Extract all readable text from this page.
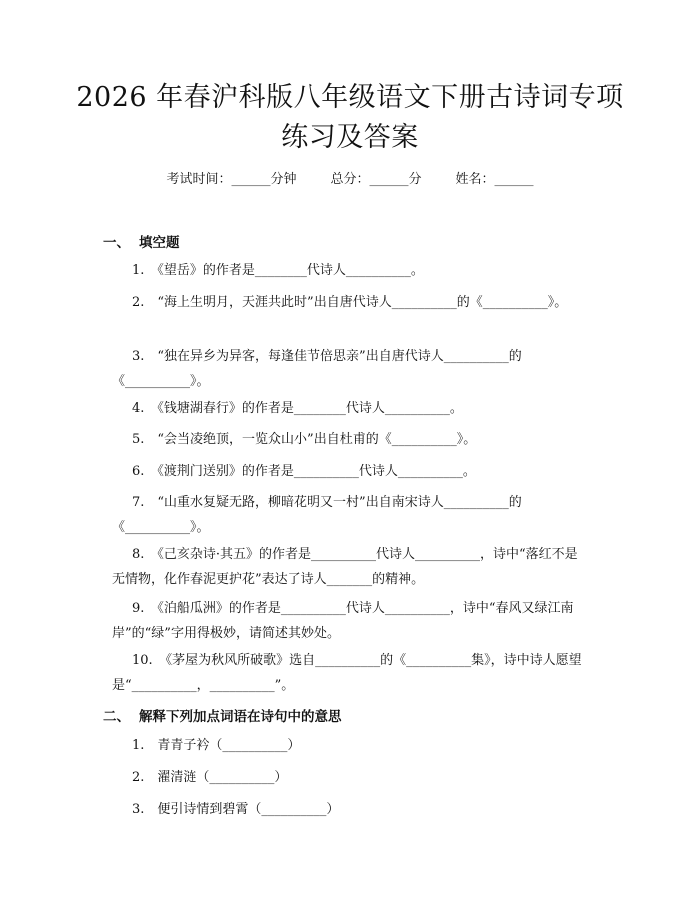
2026 年春沪科版八年级语文下册古诗词专项
练习及答案
考试时间：______分钟	总分：______分	姓名：______
一、 填空题
1.　《望岳》的作者是________代诗人__________。
2.　“海上生明月，天涯共此时”出自唐代诗人__________的《__________》。
3.　“独在异乡为异客，每逢佳节倍思亲”出自唐代诗人__________的《__________》。
4.　《钱塘湖春行》的作者是________代诗人__________。
5.　“会当凌绝顶，一览众山小”出自杜甫的《__________》。
6.　《渡荆门送别》的作者是__________代诗人__________。
7.　“山重水复疑无路，柳暗花明又一村”出自南宋诗人__________的《__________》。
8.　《己亥杂诗·其五》的作者是__________代诗人__________，诗中“落红不是无情物，化作春泥更护花”表达了诗人_______的精神。
9.　《泊船瓜洲》的作者是__________代诗人__________，诗中“春风又绿江南岸”的“绿”字用得极妙，请简述其妙处。
10.　《茅屋为秋风所破歌》选自__________的《__________集》，诗中诗人愿望是“__________，__________”。
二、 解释下列加点词语在诗句中的意思
1.　青青子衿（__________）
2.　濯清涟（__________）
3.　便引诗情到碧霄（__________）
